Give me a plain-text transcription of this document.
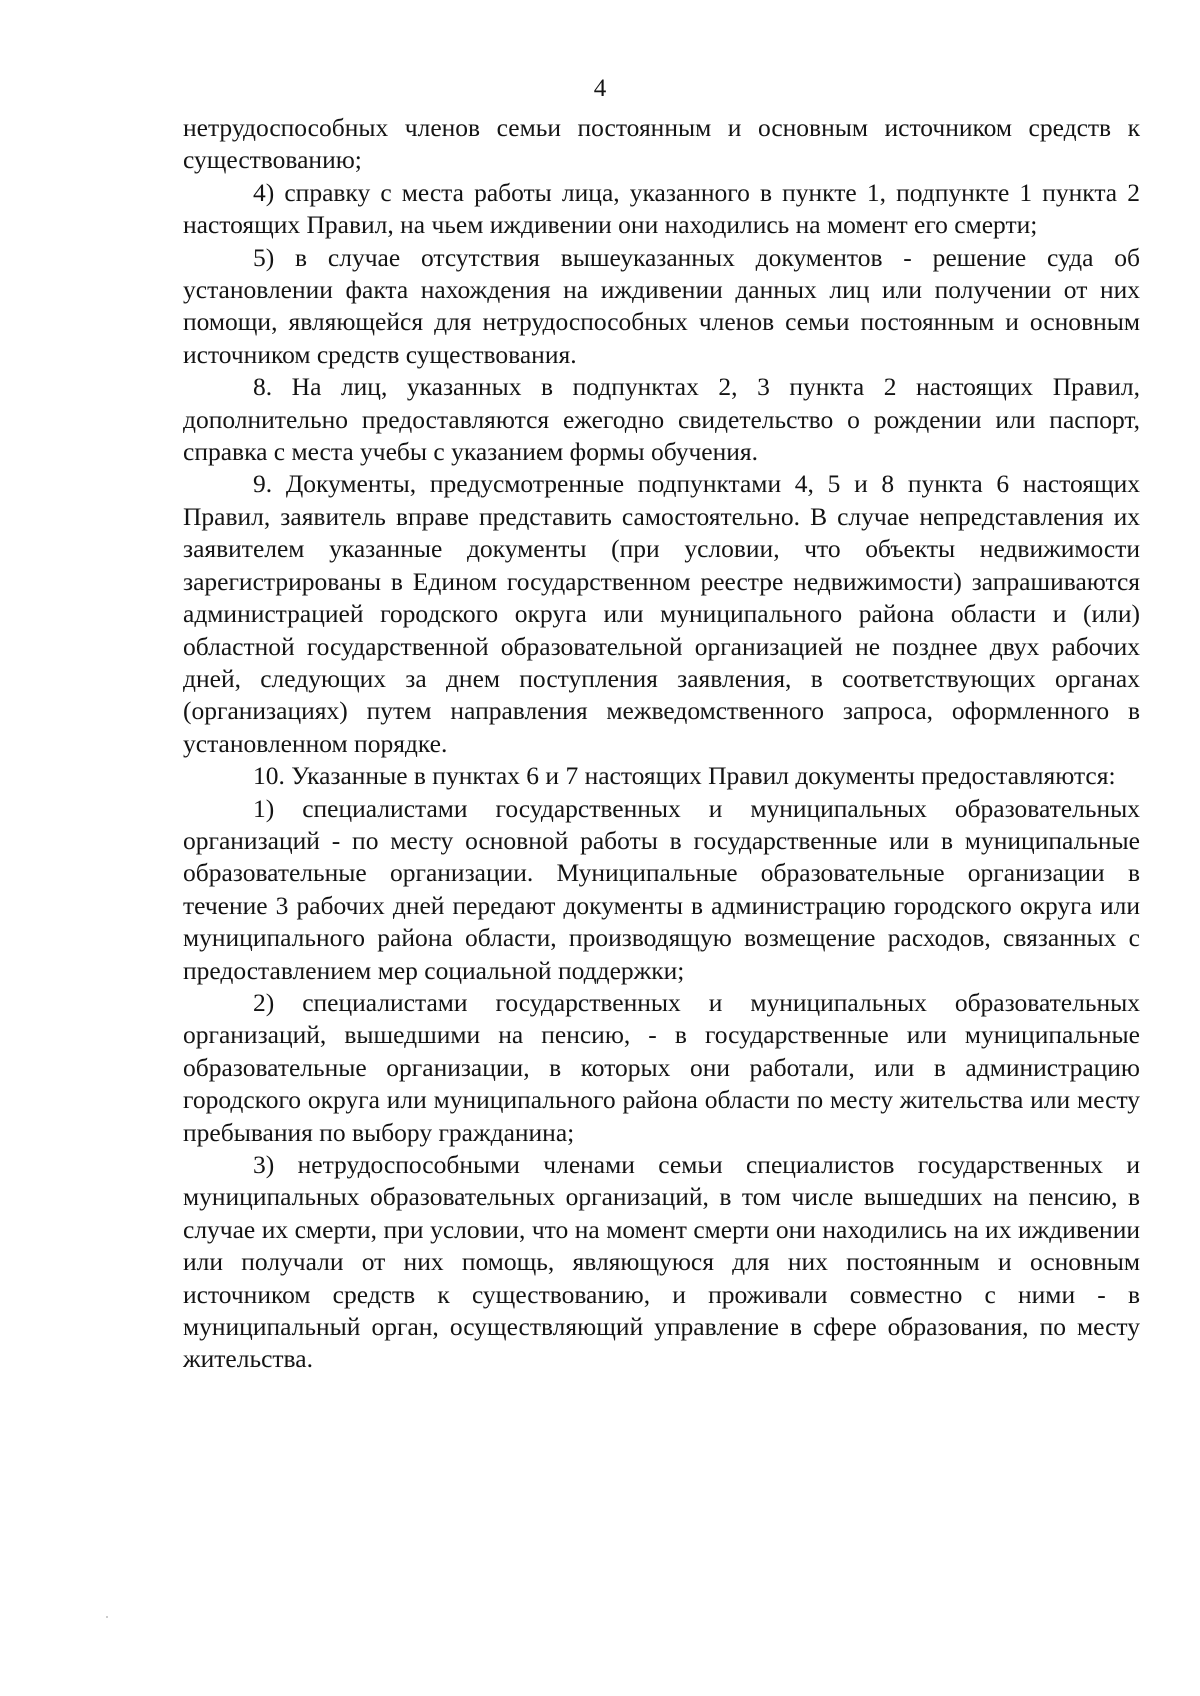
4

нетрудоспособных членов семьи постоянным и основным источником средств к существованию;

4) справку с места работы лица, указанного в пункте 1, подпункте 1 пункта 2 настоящих Правил, на чьем иждивении они находились на момент его смерти;

5) в случае отсутствия вышеуказанных документов - решение суда об установлении факта нахождения на иждивении данных лиц или получении от них помощи, являющейся для нетрудоспособных членов семьи постоянным и основным источником средств существования.

8. На лиц, указанных в подпунктах 2, 3 пункта 2 настоящих Правил, дополнительно предоставляются ежегодно свидетельство о рождении или паспорт, справка с места учебы с указанием формы обучения.

9. Документы, предусмотренные подпунктами 4, 5 и 8 пункта 6 настоящих Правил, заявитель вправе представить самостоятельно. В случае непредставления их заявителем указанные документы (при условии, что объекты недвижимости зарегистрированы в Едином государственном реестре недвижимости) запрашиваются администрацией городского округа или муниципального района области и (или) областной государственной образовательной организацией не позднее двух рабочих дней, следующих за днем поступления заявления, в соответствующих органах (организациях) путем направления межведомственного запроса, оформленного в установленном порядке.

10. Указанные в пунктах 6 и 7 настоящих Правил документы предоставляются:

1) специалистами государственных и муниципальных образовательных организаций - по месту основной работы в государственные или в муниципальные образовательные организации. Муниципальные образовательные организации в течение 3 рабочих дней передают документы в администрацию городского округа или муниципального района области, производящую возмещение расходов, связанных с предоставлением мер социальной поддержки;

2) специалистами государственных и муниципальных образовательных организаций, вышедшими на пенсию, - в государственные или муниципальные образовательные организации, в которых они работали, или в администрацию городского округа или муниципального района области по месту жительства или месту пребывания по выбору гражданина;

3) нетрудоспособными членами семьи специалистов государственных и муниципальных образовательных организаций, в том числе вышедших на пенсию, в случае их смерти, при условии, что на момент смерти они находились на их иждивении или получали от них помощь, являющуюся для них постоянным и основным источником средств к существованию, и проживали совместно с ними - в муниципальный орган, осуществляющий управление в сфере образования, по месту жительства.
